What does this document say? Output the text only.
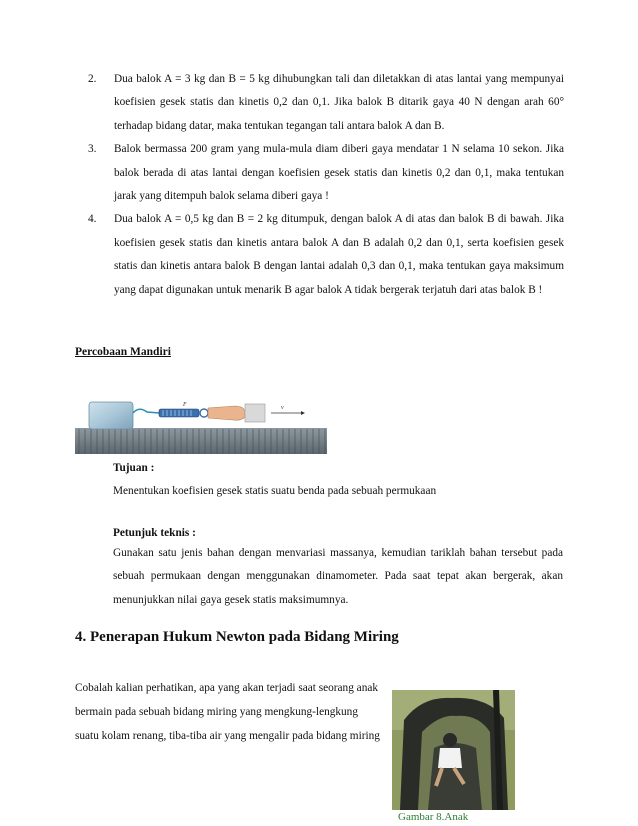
2. Dua balok A = 3 kg dan B = 5 kg dihubungkan tali dan diletakkan di atas lantai yang mempunyai koefisien gesek statis dan kinetis 0,2 dan 0,1. Jika balok B ditarik gaya 40 N dengan arah 60° terhadap bidang datar, maka tentukan tegangan tali antara balok A dan B.
3. Balok bermassa 200 gram yang mula-mula diam diberi gaya mendatar 1 N selama 10 sekon. Jika balok berada di atas lantai dengan koefisien gesek statis dan kinetis 0,2 dan 0,1, maka tentukan jarak yang ditempuh balok selama diberi gaya !
4. Dua balok A = 0,5 kg dan B = 2 kg ditumpuk, dengan balok A di atas dan balok B di bawah. Jika koefisien gesek statis dan kinetis antara balok A dan B adalah 0,2 dan 0,1, serta koefisien gesek statis dan kinetis antara balok B dengan lantai adalah 0,3 dan 0,1, maka tentukan gaya maksimum yang dapat digunakan untuk menarik B agar balok A tidak bergerak terjatuh dari atas balok B !
Percobaan Mandiri
F	v
Tujuan :
Menentukan koefisien gesek statis suatu benda pada sebuah permukaan
Petunjuk teknis :
Gunakan satu jenis bahan dengan menvariasi massanya, kemudian tariklah bahan tersebut pada sebuah permukaan dengan menggunakan dinamometer. Pada saat tepat akan bergerak, akan menunjukkan nilai gaya gesek statis maksimumnya.
4. Penerapan Hukum Newton pada Bidang Miring
Cobalah kalian perhatikan, apa yang akan terjadi saat seorang anak
bermain pada sebuah bidang miring yang mengkung-lengkung
suatu kolam renang, tiba-tiba air yang mengalir pada bidang miring
Gambar 8.Anak
